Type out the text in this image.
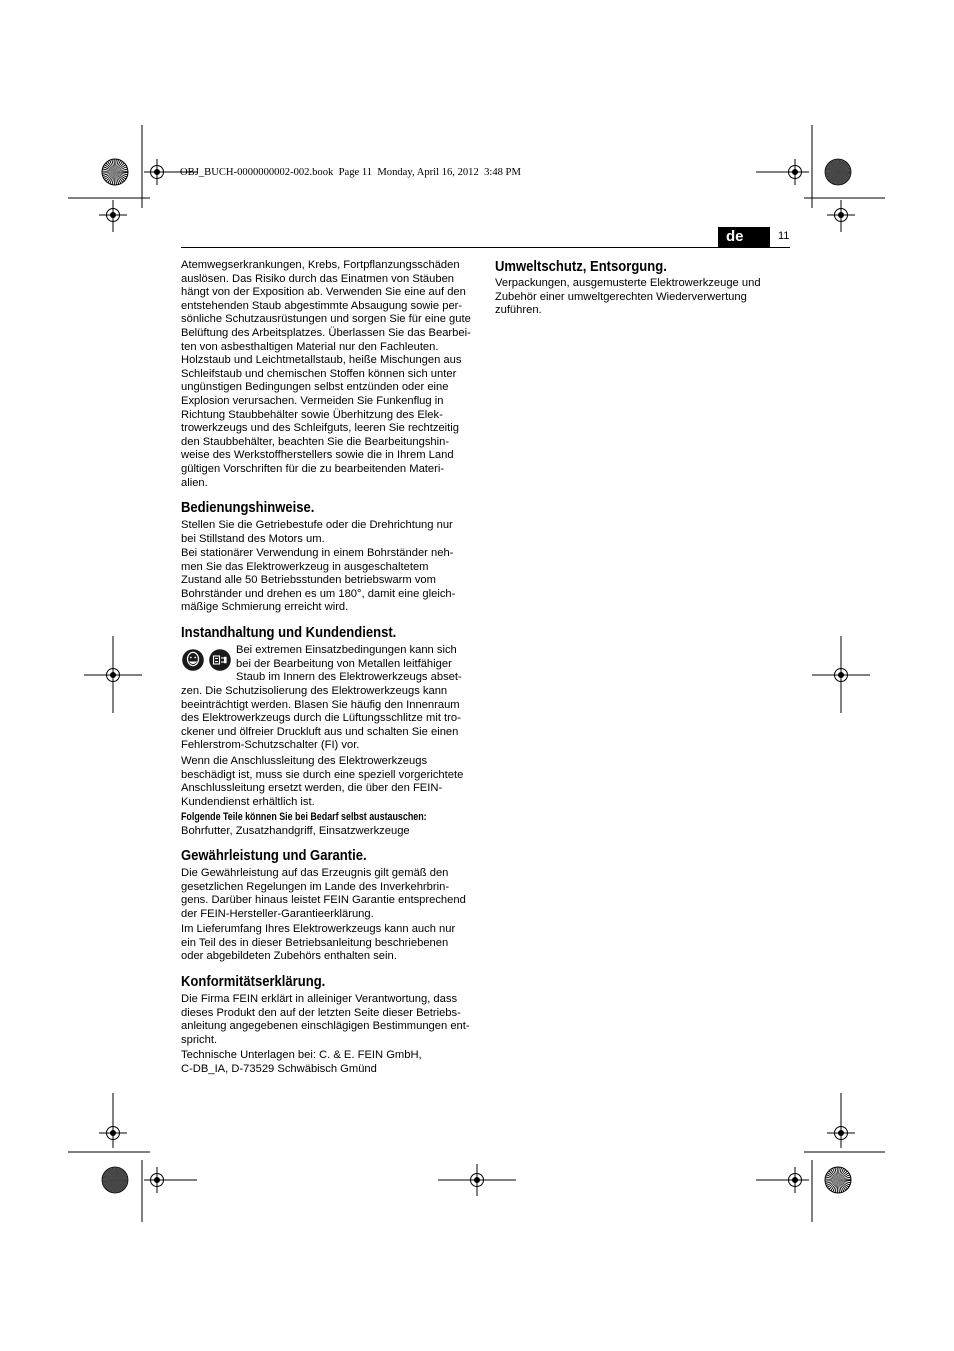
OBJ_BUCH-0000000002-002.book  Page 11  Monday, April 16, 2012  3:48 PM
de	11
Atemwegserkrankungen, Krebs, Fortpflanzungsschäden
auslösen. Das Risiko durch das Einatmen von Stäuben
hängt von der Exposition ab. Verwenden Sie eine auf den
entstehenden Staub abgestimmte Absaugung sowie per-
sönliche Schutzausrüstungen und sorgen Sie für eine gute
Belüftung des Arbeitsplatzes. Überlassen Sie das Bearbei-
ten von asbesthaltigen Material nur den Fachleuten.
Holzstaub und Leichtmetallstaub, heiße Mischungen aus
Schleifstaub und chemischen Stoffen können sich unter
ungünstigen Bedingungen selbst entzünden oder eine
Explosion verursachen. Vermeiden Sie Funkenflug in
Richtung Staubbehälter sowie Überhitzung des Elek-
trowerkzeugs und des Schleifguts, leeren Sie rechtzeitig
den Staubbehälter, beachten Sie die Bearbeitungshin-
weise des Werkstoffherstellers sowie die in Ihrem Land
gültigen Vorschriften für die zu bearbeitenden Materi-
alien.
Bedienungshinweise.
Stellen Sie die Getriebestufe oder die Drehrichtung nur
bei Stillstand des Motors um.
Bei stationärer Verwendung in einem Bohrständer neh-
men Sie das Elektrowerkzeug in ausgeschaltetem
Zustand alle 50 Betriebsstunden betriebswarm vom
Bohrständer und drehen es um 180°, damit eine gleich-
mäßige Schmierung erreicht wird.
Instandhaltung und Kundendienst.
Bei extremen Einsatzbedingungen kann sich
bei der Bearbeitung von Metallen leitfähiger
Staub im Innern des Elektrowerkzeugs abset-
zen. Die Schutzisolierung des Elektrowerkzeugs kann
beeinträchtigt werden. Blasen Sie häufig den Innenraum
des Elektrowerkzeugs durch die Lüftungsschlitze mit tro-
ckener und ölfreier Druckluft aus und schalten Sie einen
Fehlerstrom-Schutzschalter (FI) vor.
Wenn die Anschlussleitung des Elektrowerkzeugs
beschädigt ist, muss sie durch eine speziell vorgerichtete
Anschlussleitung ersetzt werden, die über den FEIN-
Kundendienst erhältlich ist.
Folgende Teile können Sie bei Bedarf selbst austauschen:
Bohrfutter, Zusatzhandgriff, Einsatzwerkzeuge
Gewährleistung und Garantie.
Die Gewährleistung auf das Erzeugnis gilt gemäß den
gesetzlichen Regelungen im Lande des Inverkehrbrin-
gens. Darüber hinaus leistet FEIN Garantie entsprechend
der FEIN-Hersteller-Garantieerklärung.
Im Lieferumfang Ihres Elektrowerkzeugs kann auch nur
ein Teil des in dieser Betriebsanleitung beschriebenen
oder abgebildeten Zubehörs enthalten sein.
Konformitätserklärung.
Die Firma FEIN erklärt in alleiniger Verantwortung, dass
dieses Produkt den auf der letzten Seite dieser Betriebs-
anleitung angegebenen einschlägigen Bestimmungen ent-
spricht.
Technische Unterlagen bei: C. & E. FEIN GmbH,
C-DB_IA, D-73529 Schwäbisch Gmünd
Umweltschutz, Entsorgung.
Verpackungen, ausgemusterte Elektrowerkzeuge und
Zubehör einer umweltgerechten Wiederverwertung
zuführen.
